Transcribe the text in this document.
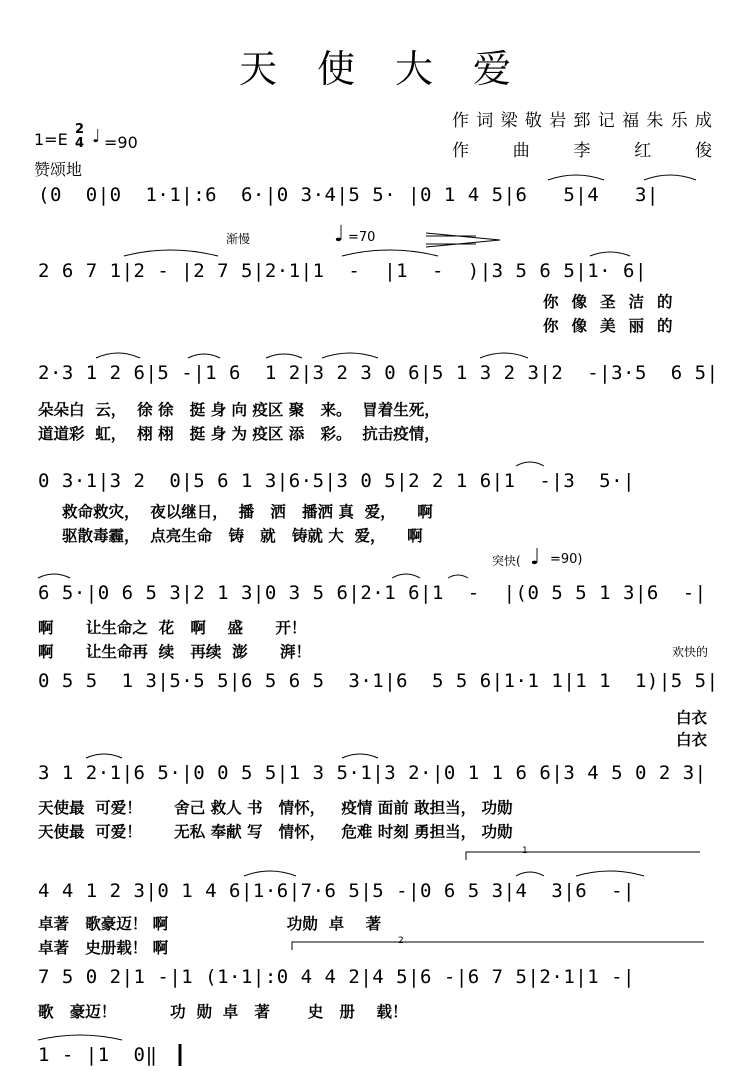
天使大爱
作词梁敬岩郅记福朱乐成
作曲李红俊
1=E
2
4 ♩ =90
赞颂地
(0  0|0  1·1|:6  6·|0 3·4|5 5· |0 1 4 5|6   5|4   3|
渐慢	♩ =70
2 6 7 1|2 - |2 7 5|2·1|1  -  |1  -  )|3 5 6 5|1· 6|
你像圣洁的
你像美丽的
2·3 1 2 6|5 -|1 6  1 2|3 2 3 0 6|5 1 3 2 3|2  -|3·5  6 5|
朵朵白  云，  徐 徐   挺 身 向 疫区 聚   来。  冒着生死，
道道彩  虹，  栩 栩   挺 身 为 疫区 添   彩。  抗击疫情，
0 3·1|3 2  0|5 6 1 3|6·5|3 0 5|2 2 1 6|1  -|3  5·|
救命救灾，  夜以继日，  播   洒   播洒 真  爱，    啊
驱散毒霾，  点亮生命   铸   就   铸就 大  爱，    啊
突快( ♩ =90)
6 5·|0 6 5 3|2 1 3|0 3 5 6|2·1 6|1  -  |(0 5 5 1 3|6  -|
啊      让生命之  花   啊    盛      开！
啊      让生命再  续   再续  澎      湃！	欢快的
0 5 5  1 3|5·5 5|6 5 6 5  3·1|6  5 5 6|1·1 1|1 1  1)|5 5|
白衣
白衣
3 1 2·1|6 5·|0 0 5 5|1 3 5·1|3 2·|0 1 1 6 6|3 4 5 0 2 3|
天使最  可爱！      舍己 救人 书   情怀，   疫情 面前 敢担当， 功勋
天使最  可爱！      无私 奉献 写   情怀，   危难 时刻 勇担当， 功勋
1
4 4 1 2 3|0 1 4 6|1·6|7·6 5|5 -|0 6 5 3|4  3|6  -|
卓著   歌豪迈！ 啊                      功勋  卓    著
卓著   史册载！ 啊	2
7 5 0 2|1 -|1 (1·1|:0 4 4 2|4 5|6 -|6 7 5|2·1|1 -|
歌   豪迈！          功  勋  卓   著       史   册    载！
1 - |1  0‖
